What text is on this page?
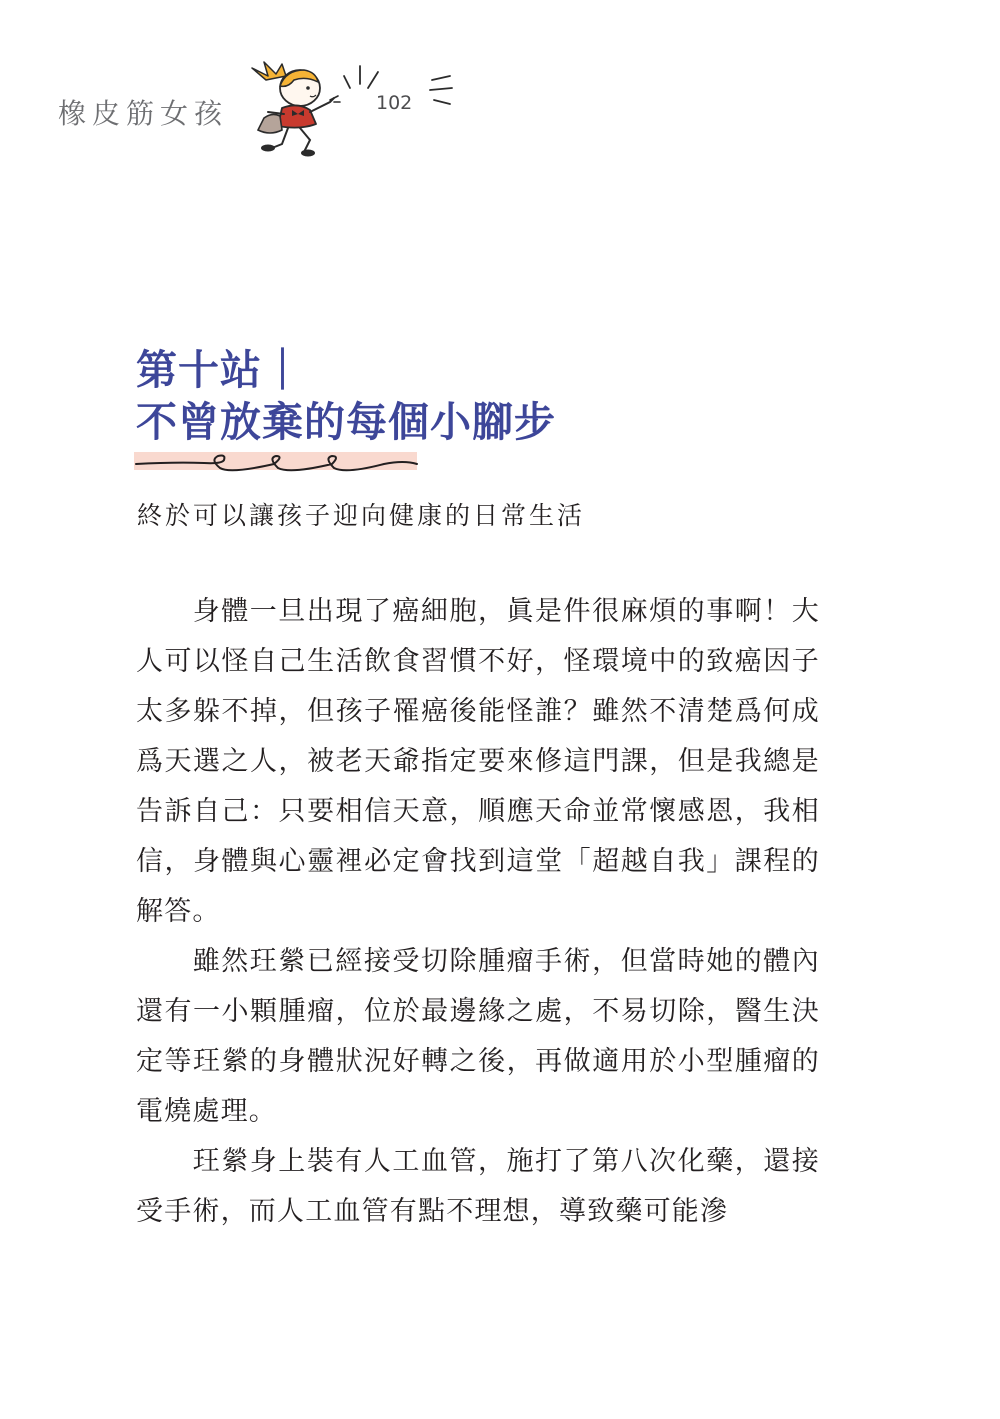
橡皮筋女孩	102
第十站｜
不曾放棄的每個小腳步

終於可以讓孩子迎向健康的日常生活

身體一旦出現了癌細胞，眞是件很麻煩的事啊！大人可以怪自己生活飲食習慣不好，怪環境中的致癌因子太多躲不掉，但孩子罹癌後能怪誰？雖然不清楚爲何成爲天選之人，被老天爺指定要來修這門課，但是我總是告訴自己：只要相信天意，順應天命並常懷感恩，我相信，身體與心靈裡必定會找到這堂「超越自我」課程的解答。

雖然玨縈已經接受切除腫瘤手術，但當時她的體內還有一小顆腫瘤，位於最邊緣之處，不易切除，醫生決定等玨縈的身體狀況好轉之後，再做適用於小型腫瘤的電燒處理。

玨縈身上裝有人工血管，施打了第八次化藥，還接受手術，而人工血管有點不理想，導致藥可能滲
